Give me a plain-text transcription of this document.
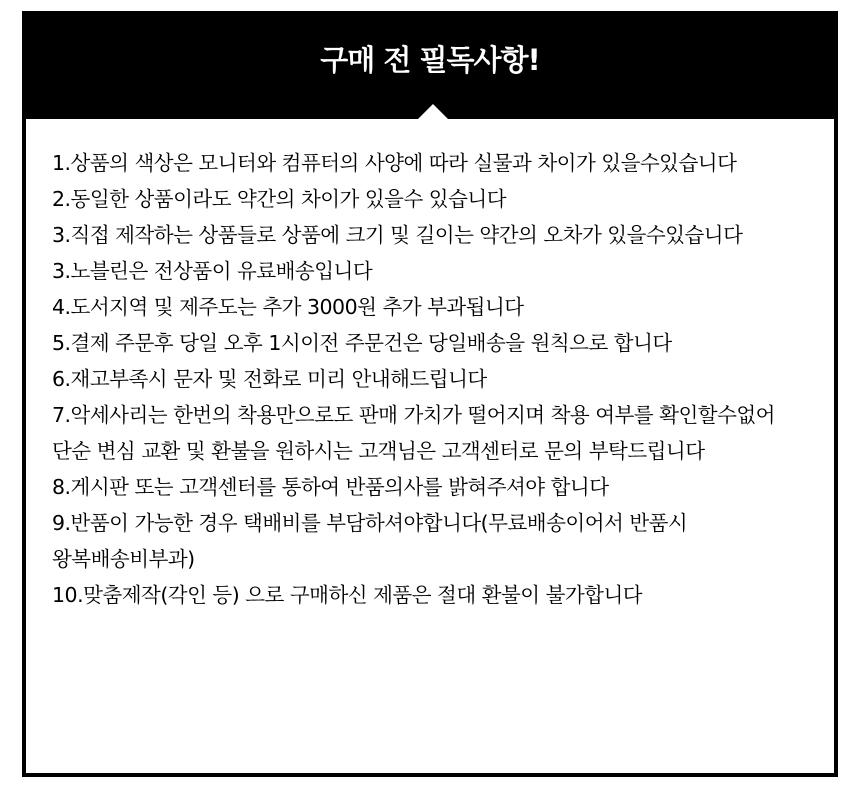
구매 전 필독사항!
1.상품의 색상은 모니터와 컴퓨터의 사양에 따라 실물과 차이가 있을수있습니다
2.동일한 상품이라도 약간의 차이가 있을수 있습니다
3.직접 제작하는 상품들로 상품에 크기 및 길이는 약간의 오차가 있을수있습니다
3.노블린은 전상품이 유료배송입니다
4.도서지역 및 제주도는 추가 3000원 추가 부과됩니다
5.결제 주문후 당일 오후 1시이전 주문건은 당일배송을 원칙으로 합니다
6.재고부족시 문자 및 전화로 미리 안내해드립니다
7.악세사리는 한번의 착용만으로도 판매 가치가 떨어지며 착용 여부를 확인할수없어 단순 변심 교환 및 환불을 원하시는 고객님은 고객센터로 문의 부탁드립니다
8.게시판 또는 고객센터를 통하여 반품의사를 밝혀주셔야 합니다
9.반품이 가능한 경우 택배비를 부담하셔야합니다(무료배송이어서 반품시 왕복배송비부과)
10.맞춤제작(각인 등) 으로 구매하신 제품은 절대 환불이 불가합니다
